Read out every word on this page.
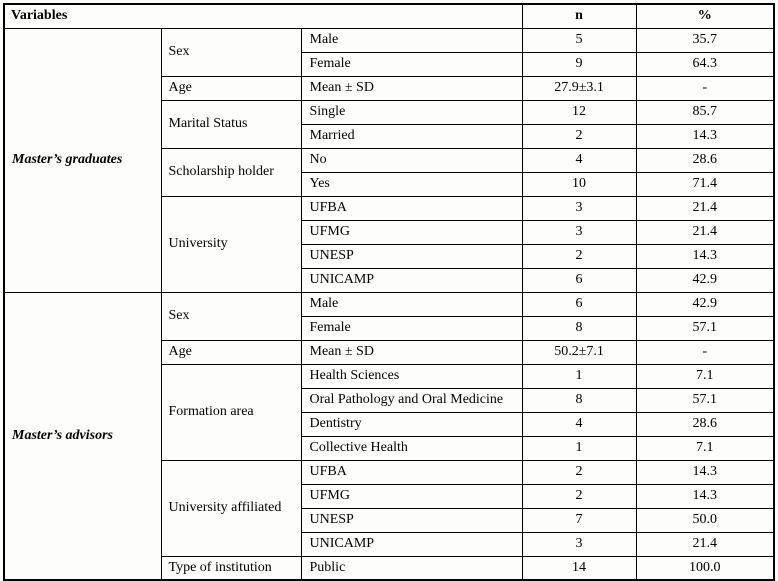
Variables			n	%
Master’s graduates	Sex	Male	5	35.7
		Female	9	64.3
	Age	Mean ± SD	27.9±3.1	-
	Marital Status	Single	12	85.7
		Married	2	14.3
	Scholarship holder	No	4	28.6
		Yes	10	71.4
	University	UFBA	3	21.4
		UFMG	3	21.4
		UNESP	2	14.3
		UNICAMP	6	42.9
Master’s advisors	Sex	Male	6	42.9
		Female	8	57.1
	Age	Mean ± SD	50.2±7.1	-
	Formation area	Health Sciences	1	7.1
		Oral Pathology and Oral Medicine	8	57.1
		Dentistry	4	28.6
		Collective Health	1	7.1
	University affiliated	UFBA	2	14.3
		UFMG	2	14.3
		UNESP	7	50.0
		UNICAMP	3	21.4
	Type of institution	Public	14	100.0
